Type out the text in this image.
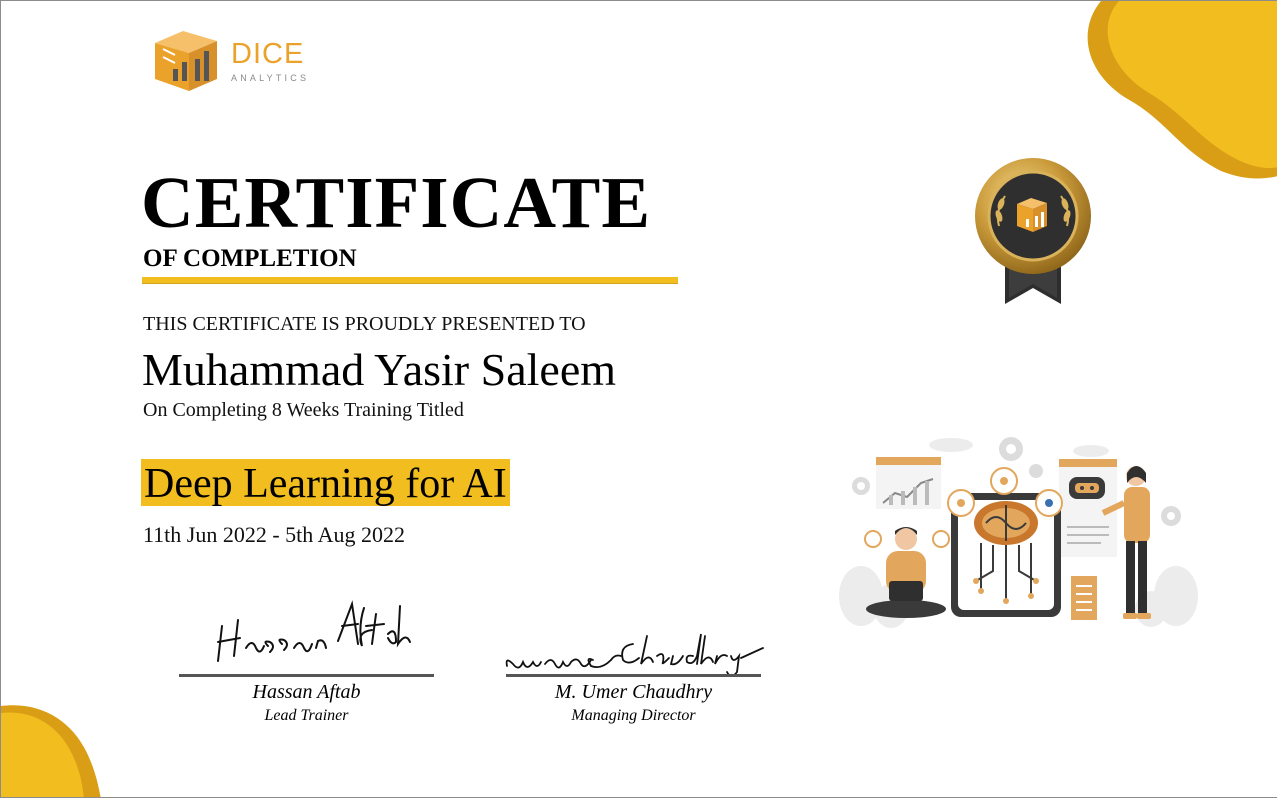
DICE
ANALYTICS
CERTIFICATE
OF COMPLETION
THIS CERTIFICATE IS PROUDLY PRESENTED TO
Muhammad Yasir Saleem
On Completing 8 Weeks Training Titled
Deep Learning for AI
11th Jun 2022 - 5th Aug 2022
Hassan Aftab
Lead Trainer
M. Umer Chaudhry
Managing Director
